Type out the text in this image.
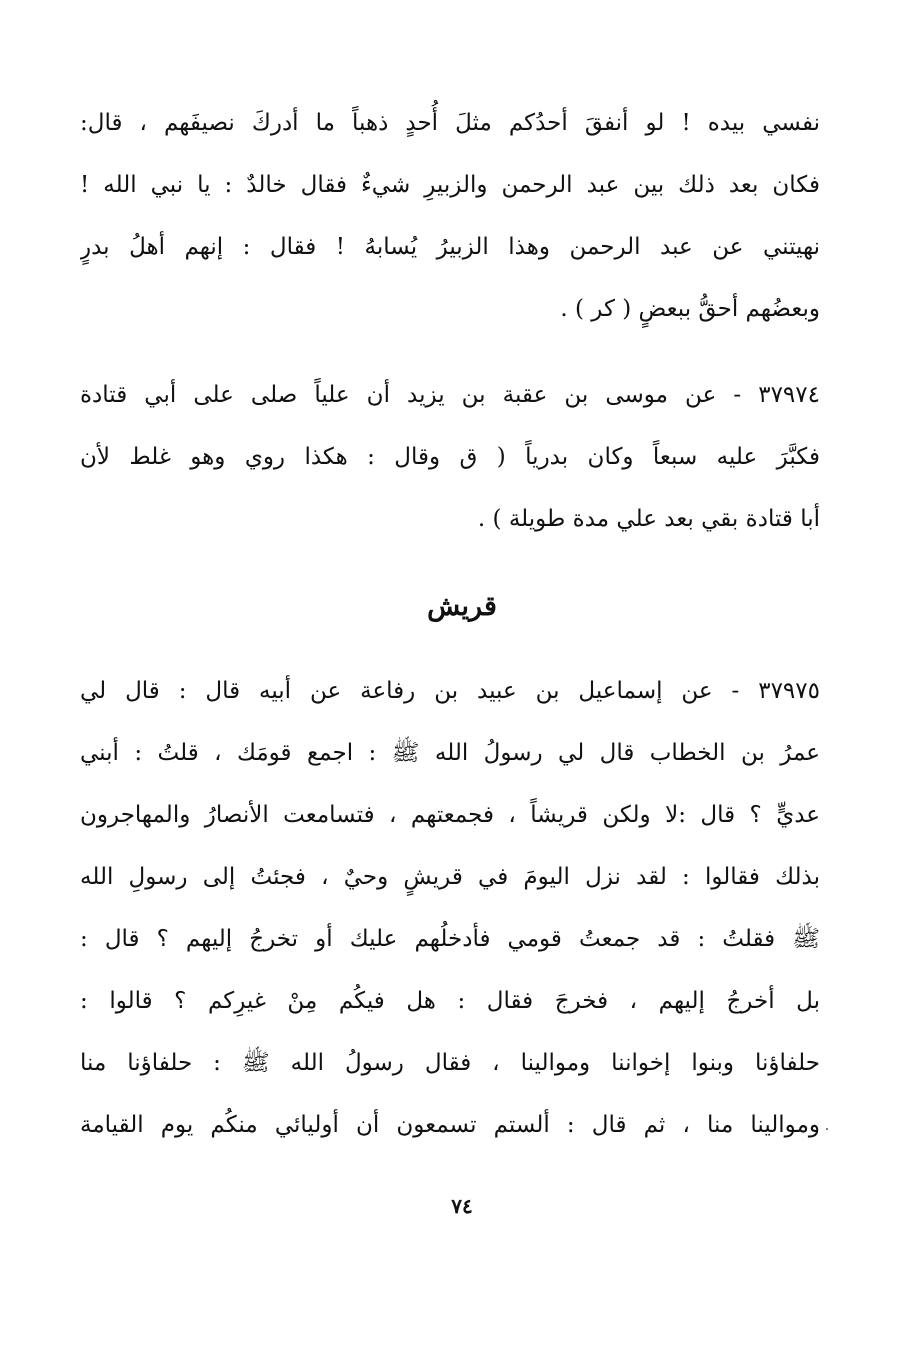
نفسي بيده ! لو أنفقَ أحدُكم مثلَ أُحدٍ ذهباً ما أدركَ نصيفَهم ، قال:
فكان بعد ذلك بين عبد الرحمن والزبيرِ شيءٌ فقال خالدٌ : يا نبي الله !
نهيتني عن عبد الرحمن وهذا الزبيرُ يُسابهُ ! فقال : إنهم أهلُ بدرٍ
وبعضُهم أحقُّ ببعضٍ ( كر ) .
٣٧٩٧٤ - عن موسى بن عقبة بن يزيد أن علياً صلى على أبي قتادة
فكبَّرَ عليه سبعاً وكان بدرياً ( ق وقال : هكذا روي وهو غلط لأن
أبا قتادة بقي بعد علي مدة طويلة ) .
قريش
٣٧٩٧٥ - عن إسماعيل بن عبيد بن رفاعة عن أبيه قال : قال لي
عمرُ بن الخطاب قال لي رسولُ الله ﷺ : اجمع قومَك ، قلتُ : أبني
عديٍّ ؟ قال :لا ولكن قريشاً ، فجمعتهم ، فتسامعت الأنصارُ والمهاجرون
بذلك فقالوا : لقد نزل اليومَ في قريشٍ وحيٌ ، فجئتُ إلى رسولِ الله
ﷺ فقلتُ : قد جمعتُ قومي فأدخلُهم عليك أو تخرجُ إليهم ؟ قال :
بل أخرجُ إليهم ، فخرجَ فقال : هل فيكُم مِنْ غيرِكم ؟ قالوا :
حلفاؤنا وبنوا إخواننا وموالينا ، فقال رسولُ الله ﷺ : حلفاؤنا منا
وموالينا منا ، ثم قال : ألستم تسمعون أن أوليائي منكُم يوم القيامة
٧٤
